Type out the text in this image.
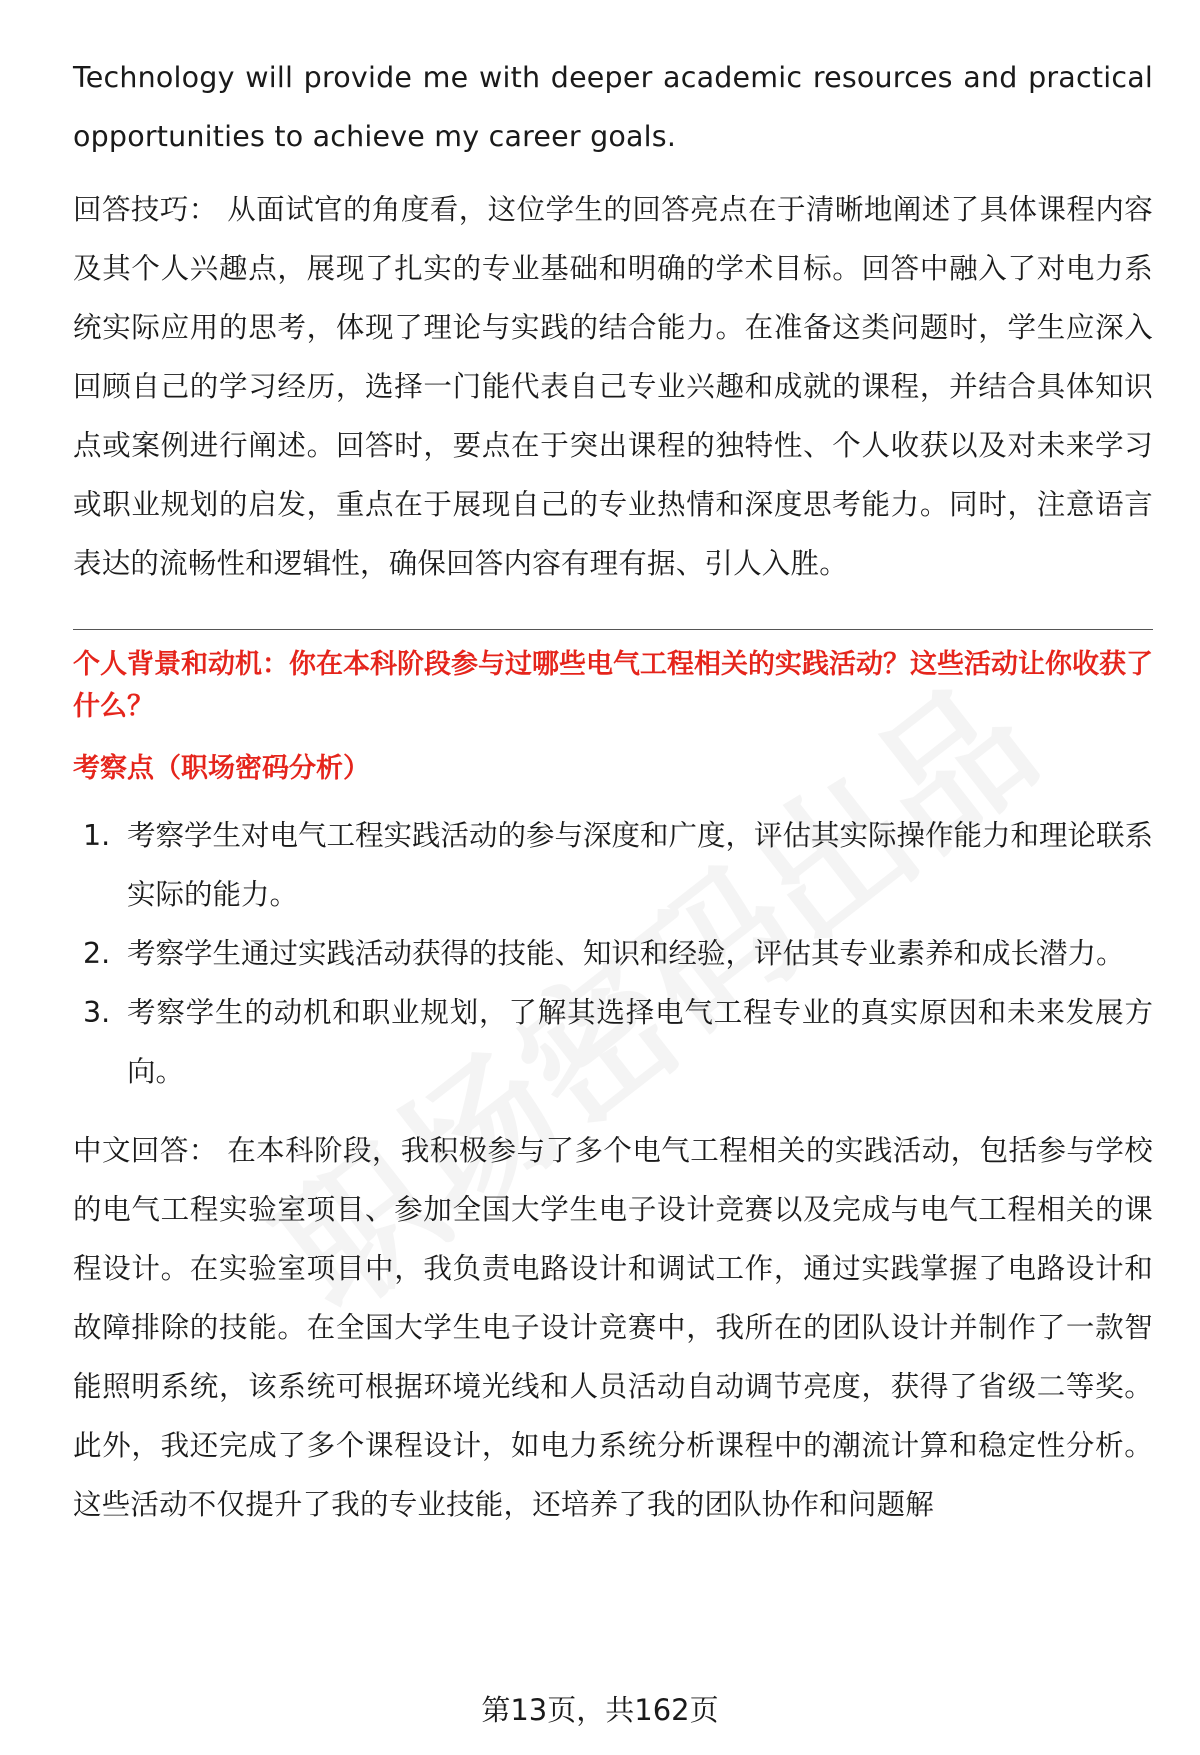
Technology will provide me with deeper academic resources and practical opportunities to achieve my career goals.

回答技巧： 从面试官的角度看，这位学生的回答亮点在于清晰地阐述了具体课程内容及其个人兴趣点，展现了扎实的专业基础和明确的学术目标。回答中融入了对电力系统实际应用的思考，体现了理论与实践的结合能力。在准备这类问题时，学生应深入回顾自己的学习经历，选择一门能代表自己专业兴趣和成就的课程，并结合具体知识点或案例进行阐述。回答时，要点在于突出课程的独特性、个人收获以及对未来学习或职业规划的启发，重点在于展现自己的专业热情和深度思考能力。同时，注意语言表达的流畅性和逻辑性，确保回答内容有理有据、引人入胜。

个人背景和动机：你在本科阶段参与过哪些电气工程相关的实践活动？这些活动让你收获了什么？

考察点（职场密码分析）

1. 考察学生对电气工程实践活动的参与深度和广度，评估其实际操作能力和理论联系实际的能力。
2. 考察学生通过实践活动获得的技能、知识和经验，评估其专业素养和成长潜力。
3. 考察学生的动机和职业规划，了解其选择电气工程专业的真实原因和未来发展方向。

中文回答： 在本科阶段，我积极参与了多个电气工程相关的实践活动，包括参与学校的电气工程实验室项目、参加全国大学生电子设计竞赛以及完成与电气工程相关的课程设计。在实验室项目中，我负责电路设计和调试工作，通过实践掌握了电路设计和故障排除的技能。在全国大学生电子设计竞赛中，我所在的团队设计并制作了一款智能照明系统，该系统可根据环境光线和人员活动自动调节亮度，获得了省级二等奖。此外，我还完成了多个课程设计，如电力系统分析课程中的潮流计算和稳定性分析。这些活动不仅提升了我的专业技能，还培养了我的团队协作和问题解

第13页，共162页
